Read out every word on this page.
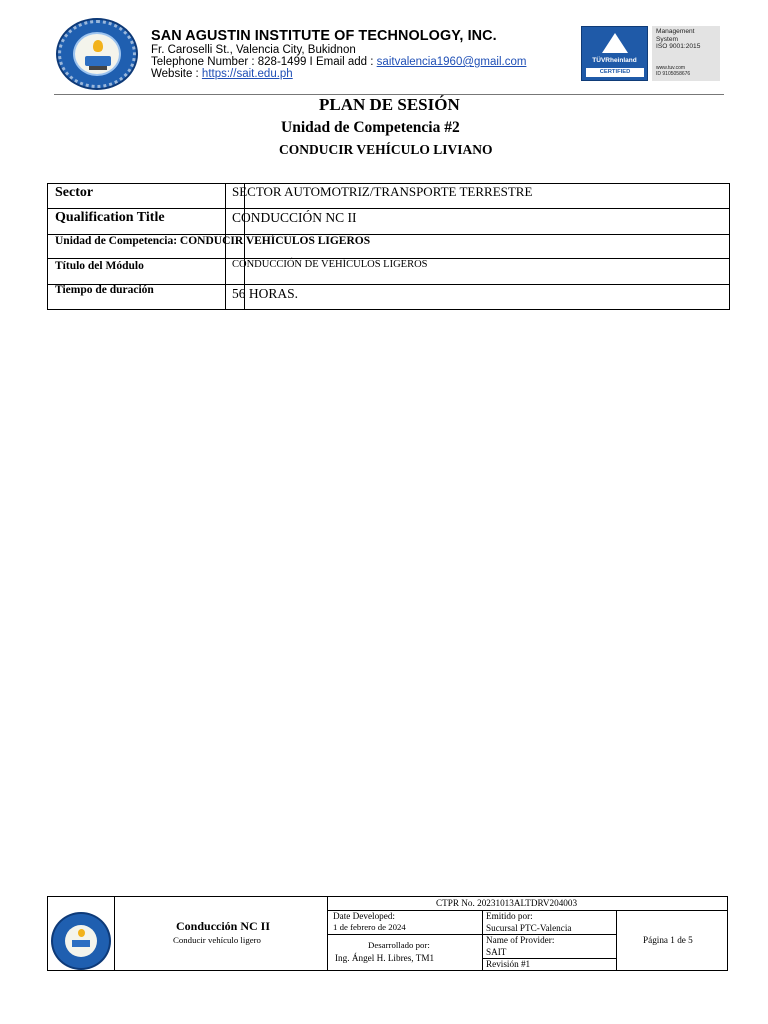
SAN AGUSTIN INSTITUTE OF TECHNOLOGY, INC.
Fr. Caroselli St., Valencia City, Bukidnon
Telephone Number : 828-1499 I Email add : saitvalencia1960@gmail.com
Website : https://sait.edu.ph
TÜVRheinland
CERTIFIED
Management
System
ISO 9001:2015
www.tuv.com
ID 9105058676
PLAN DE SESIÓN
Unidad de Competencia #2
CONDUCIR VEHÍCULO LIVIANO
Sector	SECTOR AUTOMOTRIZ/TRANSPORTE TERRESTRE
Qualification Title	CONDUCCIÓN NC II
Unidad de Competencia: CONDUCIR VEHÍCULOS LIGEROS
Título del Módulo	CONDUCCIÓN DE VEHÍCULOS LIGEROS
Tiempo de duración	56 HORAS.
Conducción NC II
Conducir vehículo ligero
CTPR No. 20231013ALTDRV204003
Date Developed:
1 de febrero de 2024
Desarrollado por:
Ing. Ángel H. Libres, TM1
Emitido por:
Sucursal PTC-Valencia
Name of Provider:
SAIT
Revisión #1
Página 1 de 5
